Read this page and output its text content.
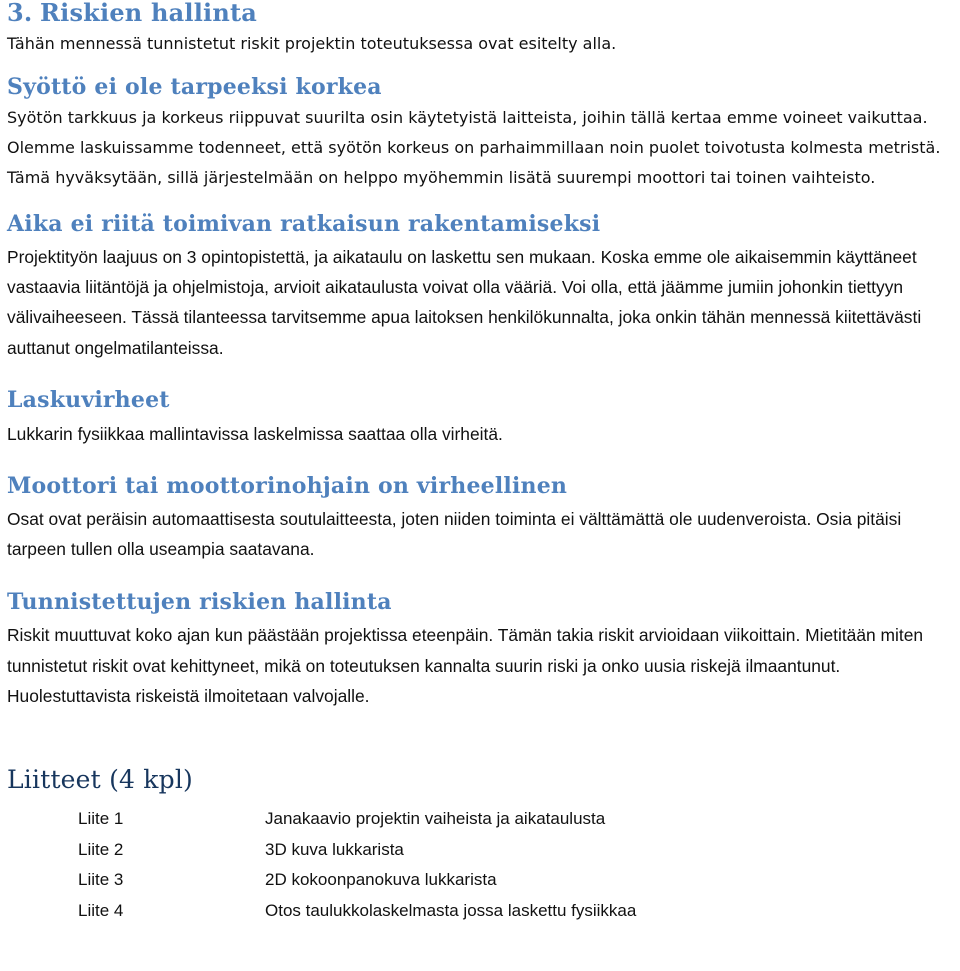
3. Riskien hallinta

Tähän mennessä tunnistetut riskit projektin toteutuksessa ovat esitelty alla.

Syöttö ei ole tarpeeksi korkea

Syötön tarkkuus ja korkeus riippuvat suurilta osin käytetyistä laitteista, joihin tällä kertaa emme voineet vaikuttaa. Olemme laskuissamme todenneet, että syötön korkeus on parhaimmillaan noin puolet toivotusta kolmesta metristä. Tämä hyväksytään, sillä järjestelmään on helppo myöhemmin lisätä suurempi moottori tai toinen vaihteisto.

Aika ei riitä toimivan ratkaisun rakentamiseksi

Projektityön laajuus on 3 opintopistettä, ja aikataulu on laskettu sen mukaan. Koska emme ole aikaisemmin käyttäneet vastaavia liitäntöjä ja ohjelmistoja, arvioit aikataulusta voivat olla vääriä. Voi olla, että jäämme jumiin johonkin tiettyyn välivaiheeseen. Tässä tilanteessa tarvitsemme apua laitoksen henkilökunnalta, joka onkin tähän mennessä kiitettävästi auttanut ongelmatilanteissa.

Laskuvirheet

Lukkarin fysiikkaa mallintavissa laskelmissa saattaa olla virheitä.

Moottori tai moottorinohjain on virheellinen

Osat ovat peräisin automaattisesta soutulaitteesta, joten niiden toiminta ei välttämättä ole uudenveroista. Osia pitäisi tarpeen tullen olla useampia saatavana.

Tunnistettujen riskien hallinta

Riskit muuttuvat koko ajan kun päästään projektissa eteenpäin. Tämän takia riskit arvioidaan viikoittain. Mietitään miten tunnistetut riskit ovat kehittyneet, mikä on toteutuksen kannalta suurin riski ja onko uusia riskejä ilmaantunut. Huolestuttavista riskeistä ilmoitetaan valvojalle.

Liitteet (4 kpl)
Liite 1	Janakaavio projektin vaiheista ja aikataulusta
Liite 2	3D kuva lukkarista
Liite 3	2D kokoonpanokuva lukkarista
Liite 4	Otos taulukkolaskelmasta jossa laskettu fysiikkaa
